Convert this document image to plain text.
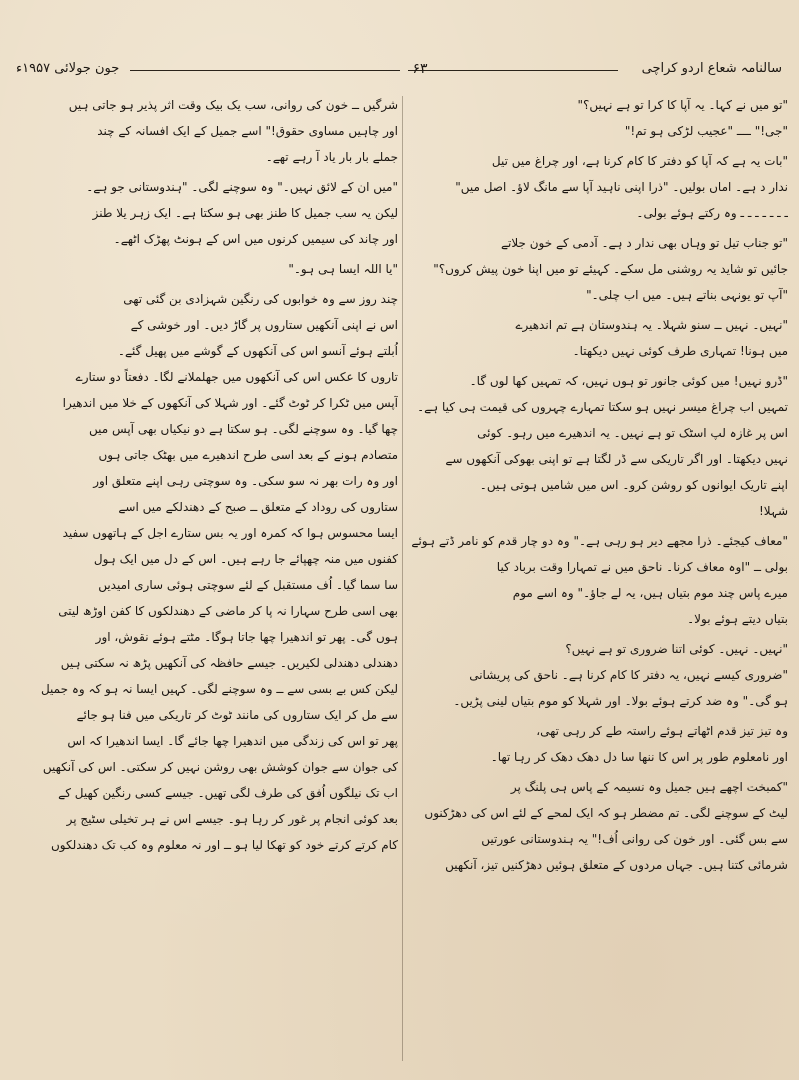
سالنامہ شعاع اردو کراچی
۶۳
جون جولائی ۱۹۵۷ء
"تو میں نے کہا۔ یہ آپا کا کرا تو ہے نہیں؟"
"جی!" ــــ "عجیب لڑکی ہو تم!"
"بات یہ ہے کہ آپا کو دفتر کا کام کرنا ہے، اور چراغ میں تیل
ندار د ہے۔ اماں بولیں۔ "ذرا اپنی ناہید آپا سے مانگ لاؤ۔ اصل میں"
ـ ـ ـ ـ ـ ـ ـ وہ رکتے ہوئے بولی۔
"تو جناب تیل تو وہاں بھی ندار د ہے۔ آدمی کے خون جلاتے
جائیں تو شاید یہ روشنی مل سکے۔ کہیئے تو میں اپنا خون پیش کروں؟"
"آپ تو یونہی بناتے ہیں۔ میں اب چلی۔"
"نہیں۔ نہیں ــ سنو شہلا۔ یہ ہندوستان ہے تم اندھیرے
میں ہونا! تمہاری طرف کوئی نہیں دیکھتا۔
"ڈرو نہیں! میں کوئی جانور تو ہوں نہیں، کہ تمہیں کھا لوں گا۔
تمہیں اب چراغ میسر نہیں ہو سکتا تمہارے چہروں کی قیمت ہی کیا ہے۔
اس پر غازہ لپ اسٹک تو ہے نہیں۔ یہ اندھیرے میں رہو۔ کوئی
نہیں دیکھتا۔ اور اگر تاریکی سے ڈر لگتا ہے تو اپنی بھوکی آنکھوں سے
اپنے تاریک ایوانوں کو روشن کرو۔ اس میں شامیں ہوتی ہیں۔
شہلا!
"معاف کیجئے۔ ذرا مجھے دیر ہو رہی ہے۔" وہ دو چار قدم کو نامر ڈتے ہوئے
بولی ــ "اوہ معاف کرنا۔ ناحق میں نے تمہارا وقت برباد کیا
میرے پاس چند موم بتیاں ہیں، یہ لے جاؤ۔" وہ اسے موم
بتیاں دیتے ہوئے بولا۔
"نہیں۔ نہیں۔ کوئی اتنا ضروری تو ہے نہیں؟
"ضروری کیسے نہیں، یہ دفتر کا کام کرنا ہے۔ ناحق کی پریشانی
ہو گی۔" وہ ضد کرتے ہوئے بولا۔ اور شہلا کو موم بتیاں لینی پڑیں۔
وہ تیز تیز قدم اٹھاتے ہوئے راستہ طے کر رہی تھی،
اور نامعلوم طور پر اس کا ننھا سا دل دھک دھک کر رہا تھا۔
"کمبخت اچھے ہیں جمیل وہ نسیمہ کے پاس ہی پلنگ پر
لیٹ کے سوچنے لگی۔ تم مضطر ہو کہ ایک لمحے کے لئے اس کی دھڑکنوں
سے بس گئی۔ اور خون کی روانی اُف!" یہ ہندوستانی عورتیں
شرمائی کتنا ہیں۔ جہاں مردوں کے متعلق ہوئیں دھڑکنیں تیز، آنکھیں
شرگیں ــ خون کی روانی، سب یک بیک وقت اثر پذیر ہو جاتی ہیں
اور چاہیں مساوی حقوق!" اسے جمیل کے ایک افسانہ کے چند
جملے بار بار یاد آ رہے تھے۔
"میں ان کے لائق نہیں۔" وہ سوچنے لگی۔ "ہندوستانی جو ہے۔
لیکن یہ سب جمیل کا طنز بھی ہو سکتا ہے۔ ایک زہر یلا طنز
اور چاند کی سیمیں کرنوں میں اس کے ہونٹ پھڑک اٹھے۔
"یا اللہ ایسا ہی ہو۔"
چند روز سے وہ خوابوں کی رنگین شہزادی بن گئی تھی
اس نے اپنی آنکھیں ستاروں پر گاڑ دیں۔ اور خوشی کے
اُبلتے ہوئے آنسو اس کی آنکھوں کے گوشے میں پھیل گئے۔
تاروں کا عکس اس کی آنکھوں میں جھلملانے لگا۔ دفعتاً دو ستارے
آپس میں ٹکرا کر ٹوٹ گئے۔ اور شہلا کی آنکھوں کے خلا میں اندھیرا
چھا گیا۔ وہ سوچنے لگی۔ ہو سکتا ہے دو نیکیاں بھی آپس میں
متصادم ہونے کے بعد اسی طرح اندھیرے میں بھٹک جاتی ہوں
اور وہ رات بھر نہ سو سکی۔ وہ سوچتی رہی اپنے متعلق اور
ستاروں کی روداد کے متعلق ــ صبح کے دھندلکے میں اسے
ایسا محسوس ہوا کہ کمرہ اور یہ بس ستارے اجل کے ہاتھوں سفید
کفنوں میں منہ چھپائے جا رہے ہیں۔ اس کے دل میں ایک ہول
سا سما گیا۔ اُف مستقبل کے لئے سوچتی ہوئی ساری امیدیں
بھی اسی طرح سہارا نہ پا کر ماضی کے دھندلکوں کا کفن اوڑھ لیتی
ہوں گی۔ پھر تو اندھیرا چھا جاتا ہوگا۔ مٹتے ہوئے نقوش، اور
دھندلی دھندلی لکیریں۔ جیسے حافظہ کی آنکھیں پڑھ نہ سکتی ہیں
لیکن کس بے بسی سے ــ وہ سوچنے لگی۔ کہیں ایسا نہ ہو کہ وہ جمیل
سے مل کر ایک ستاروں کی مانند ٹوٹ کر تاریکی میں فنا ہو جائے
پھر تو اس کی زندگی میں اندھیرا چھا جائے گا۔ ایسا اندھیرا کہ اس
کی جوان سے جوان کوشش بھی روشن نہیں کر سکتی۔ اس کی آنکھیں
اب تک نیلگوں اُفق کی طرف لگی تھیں۔ جیسے کسی رنگین کھیل کے
بعد کوئی انجام پر غور کر رہا ہو۔ جیسے اس نے ہر تخیلی سٹیج پر
کام کرتے کرتے خود کو تھکا لیا ہو ــ اور نہ معلوم وہ کب تک دھندلکوں
